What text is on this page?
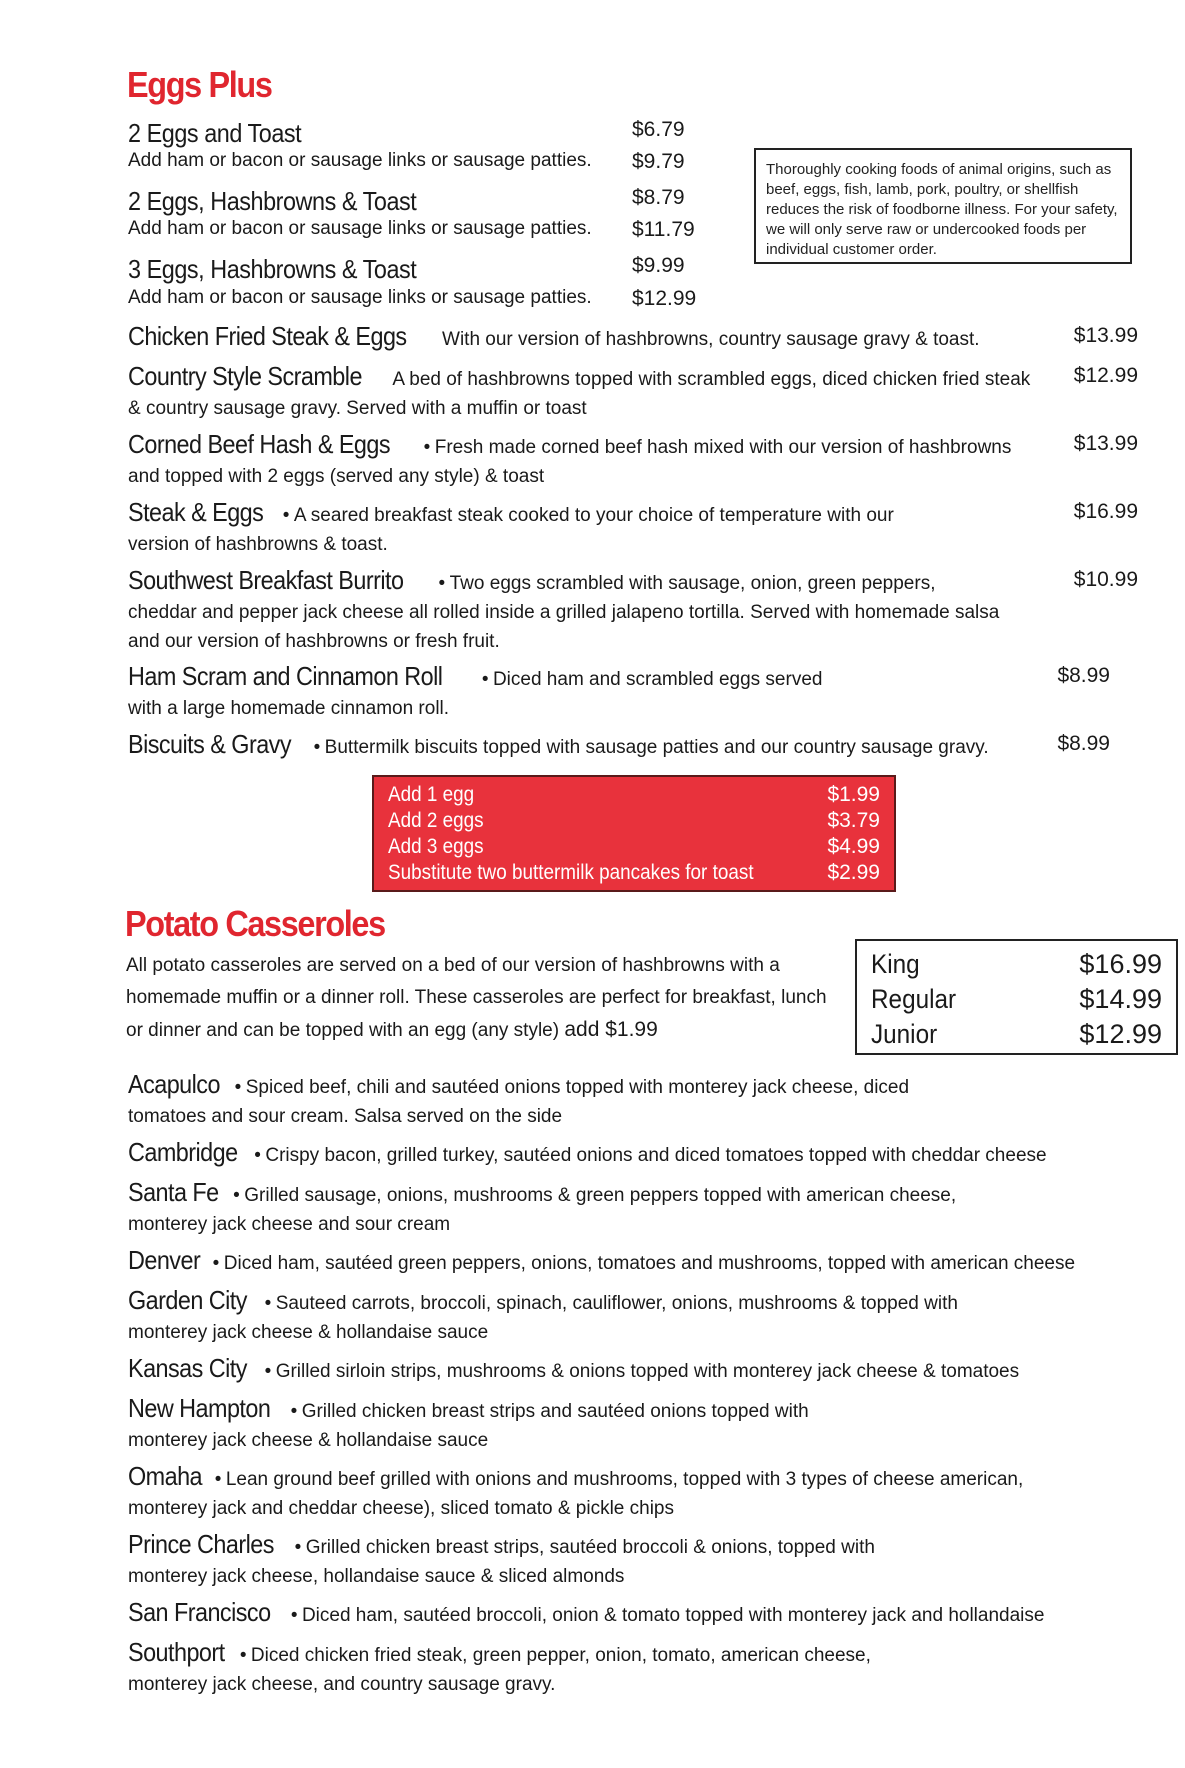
Eggs Plus
2 Eggs and Toast	$6.79
Add ham or bacon or sausage links or sausage patties. $9.79
2 Eggs, Hashbrowns & Toast	$8.79
Add ham or bacon or sausage links or sausage patties. $11.79
3 Eggs, Hashbrowns & Toast	$9.99
Add ham or bacon or sausage links or sausage patties. $12.99
Thoroughly cooking foods of animal origins, such as beef, eggs, fish, lamb, pork, poultry, or shellfish reduces the risk of foodborne illness. For your safety, we will only serve raw or undercooked foods per individual customer order.
Chicken Fried Steak & Eggs With our version of hashbrowns, country sausage gravy & toast.	$13.99
Country Style Scramble A bed of hashbrowns topped with scrambled eggs, diced chicken fried steak & country sausage gravy. Served with a muffin or toast
$12.99
Corned Beef Hash & Eggs • Fresh made corned beef hash mixed with our version of hashbrowns and topped with 2 eggs (served any style) & toast
$13.99
Steak & Eggs • A seared breakfast steak cooked to your choice of temperature with our version of hashbrowns & toast.
$16.99
Southwest Breakfast Burrito • Two eggs scrambled with sausage, onion, green peppers, cheddar and pepper jack cheese all rolled inside a grilled jalapeno tortilla. Served with homemade salsa and our version of hashbrowns or fresh fruit.
$10.99
Ham Scram and Cinnamon Roll • Diced ham and scrambled eggs served with a large homemade cinnamon roll.
$8.99
Biscuits & Gravy • Buttermilk biscuits topped with sausage patties and our country sausage gravy.	$8.99
Add 1 egg	$1.99
Add 2 eggs	$3.79
Add 3 eggs	$4.99
Substitute two buttermilk pancakes for toast	$2.99
Potato Casseroles
All potato casseroles are served on a bed of our version of hashbrowns with a homemade muffin or a dinner roll. These casseroles are perfect for breakfast, lunch or dinner and can be topped with an egg (any style) add $1.99
King	$16.99
Regular	$14.99
Junior	$12.99
Acapulco • Spiced beef, chili and sautéed onions topped with monterey jack cheese, diced tomatoes and sour cream. Salsa served on the side
Cambridge • Crispy bacon, grilled turkey, sautéed onions and diced tomatoes topped with cheddar cheese
Santa Fe • Grilled sausage, onions, mushrooms & green peppers topped with american cheese, monterey jack cheese and sour cream
Denver • Diced ham, sautéed green peppers, onions, tomatoes and mushrooms, topped with american cheese
Garden City • Sauteed carrots, broccoli, spinach, cauliflower, onions, mushrooms & topped with monterey jack cheese & hollandaise sauce
Kansas City • Grilled sirloin strips, mushrooms & onions topped with monterey jack cheese & tomatoes
New Hampton • Grilled chicken breast strips and sautéed onions topped with monterey jack cheese & hollandaise sauce
Omaha • Lean ground beef grilled with onions and mushrooms, topped with 3 types of cheese american, monterey jack and cheddar cheese), sliced tomato & pickle chips
Prince Charles • Grilled chicken breast strips, sautéed broccoli & onions, topped with monterey jack cheese, hollandaise sauce & sliced almonds
San Francisco • Diced ham, sautéed broccoli, onion & tomato topped with monterey jack and hollandaise
Southport • Diced chicken fried steak, green pepper, onion, tomato, american cheese, monterey jack cheese, and country sausage gravy.
